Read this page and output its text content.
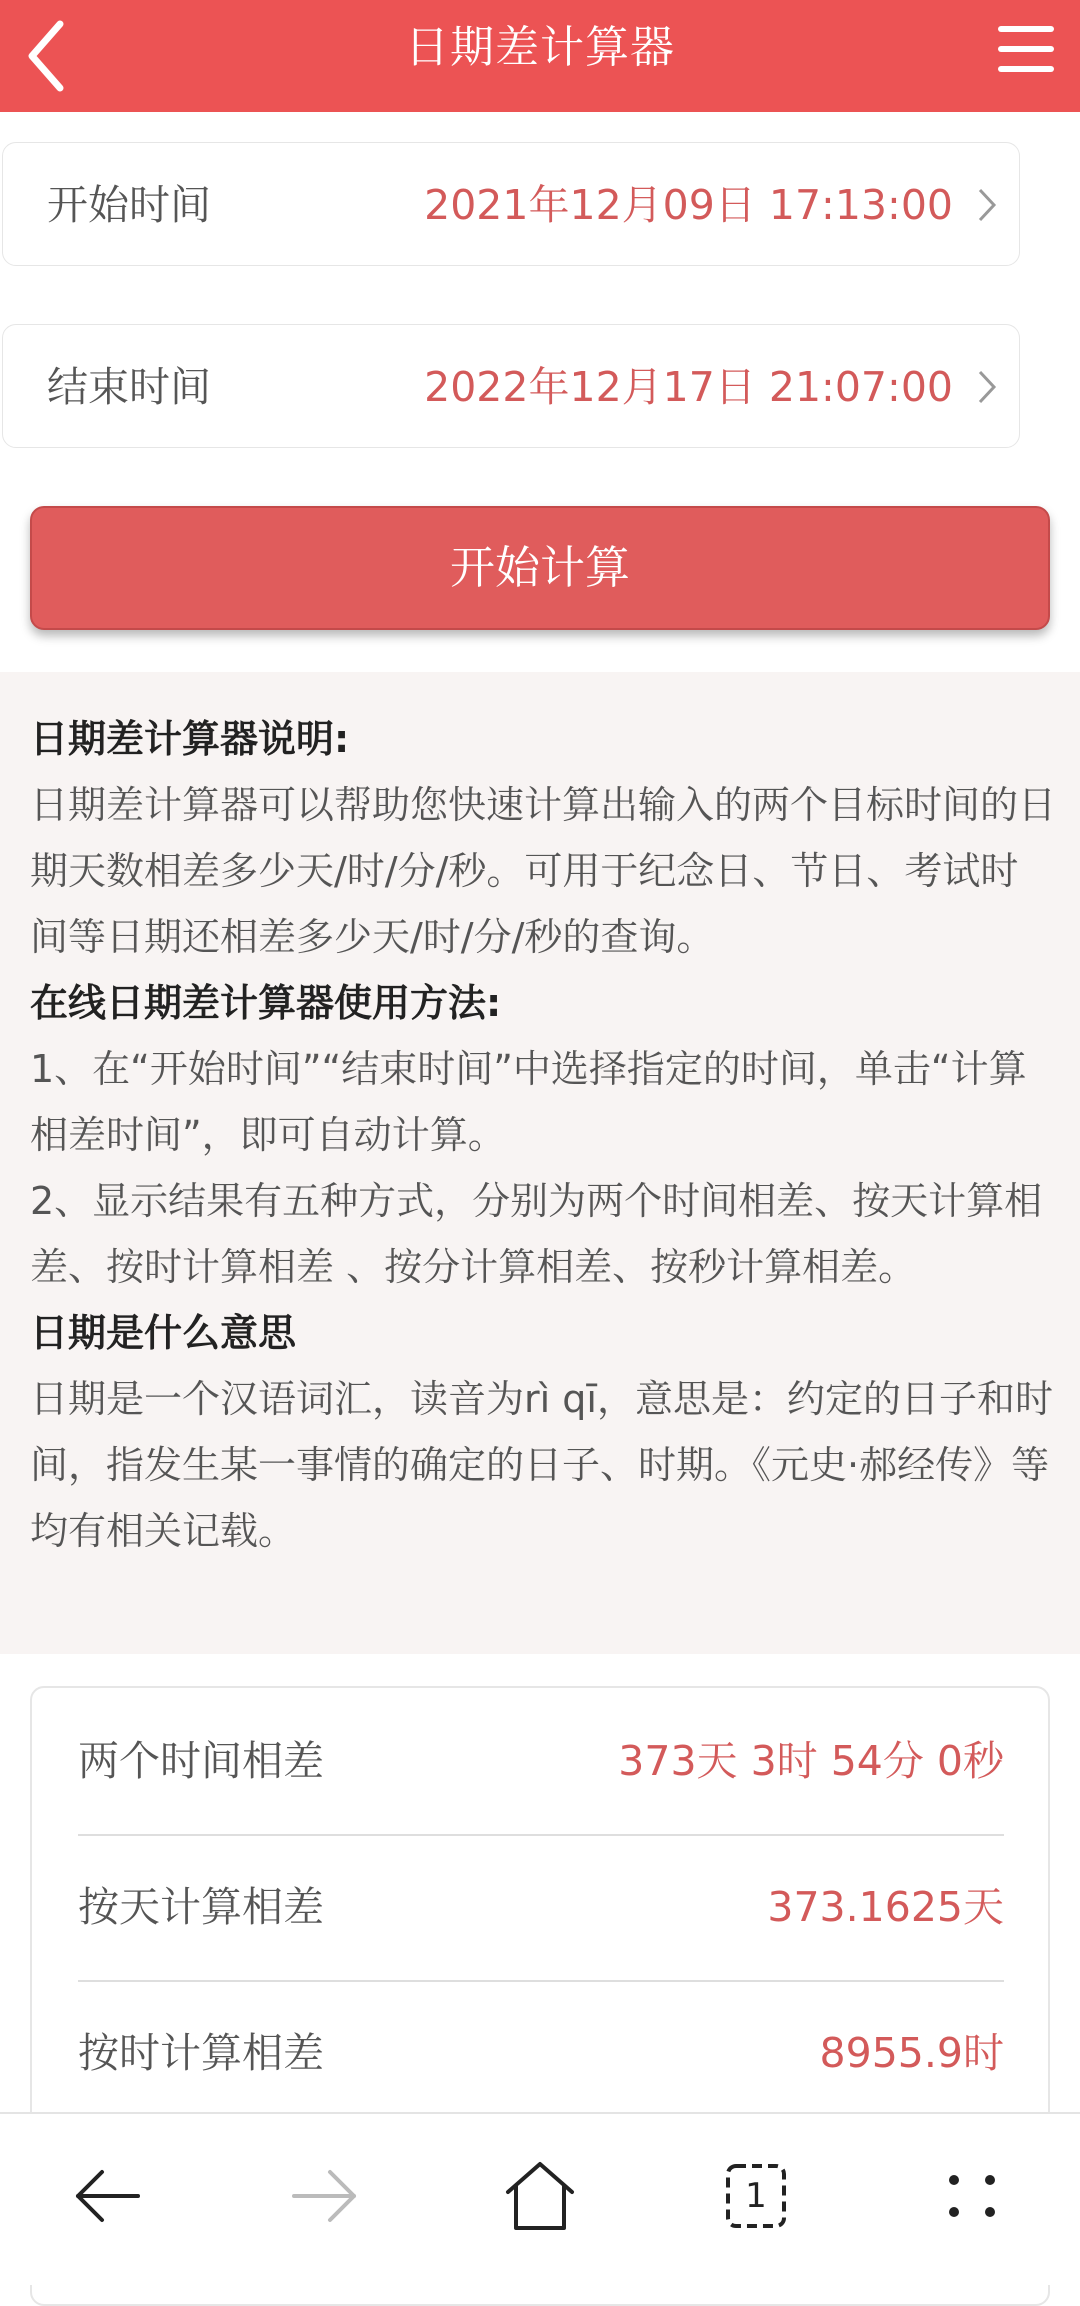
日期差计算器
开始时间	2021年12月09日 17:13:00
结束时间	2022年12月17日 21:07:00
开始计算

日期差计算器说明:

日期差计算器可以帮助您快速计算出输入的两个目标时间的日期天数相差多少天/时/分/秒。可用于纪念日、节日、考试时间等日期还相差多少天/时/分/秒的查询。

在线日期差计算器使用方法:

1、在“开始时间”“结束时间”中选择指定的时间，单击“计算相差时间”，即可自动计算。

2、显示结果有五种方式，分别为两个时间相差、按天计算相差、按时计算相差 、按分计算相差、按秒计算相差。

日期是什么意思

日期是一个汉语词汇，读音为rì qī，意思是：约定的日子和时间，指发生某一事情的确定的日子、时期。《元史·郝经传》等均有相关记载。

两个时间相差	373天 3时 54分 0秒
按天计算相差	373.1625天
按时计算相差	8955.9时
1
